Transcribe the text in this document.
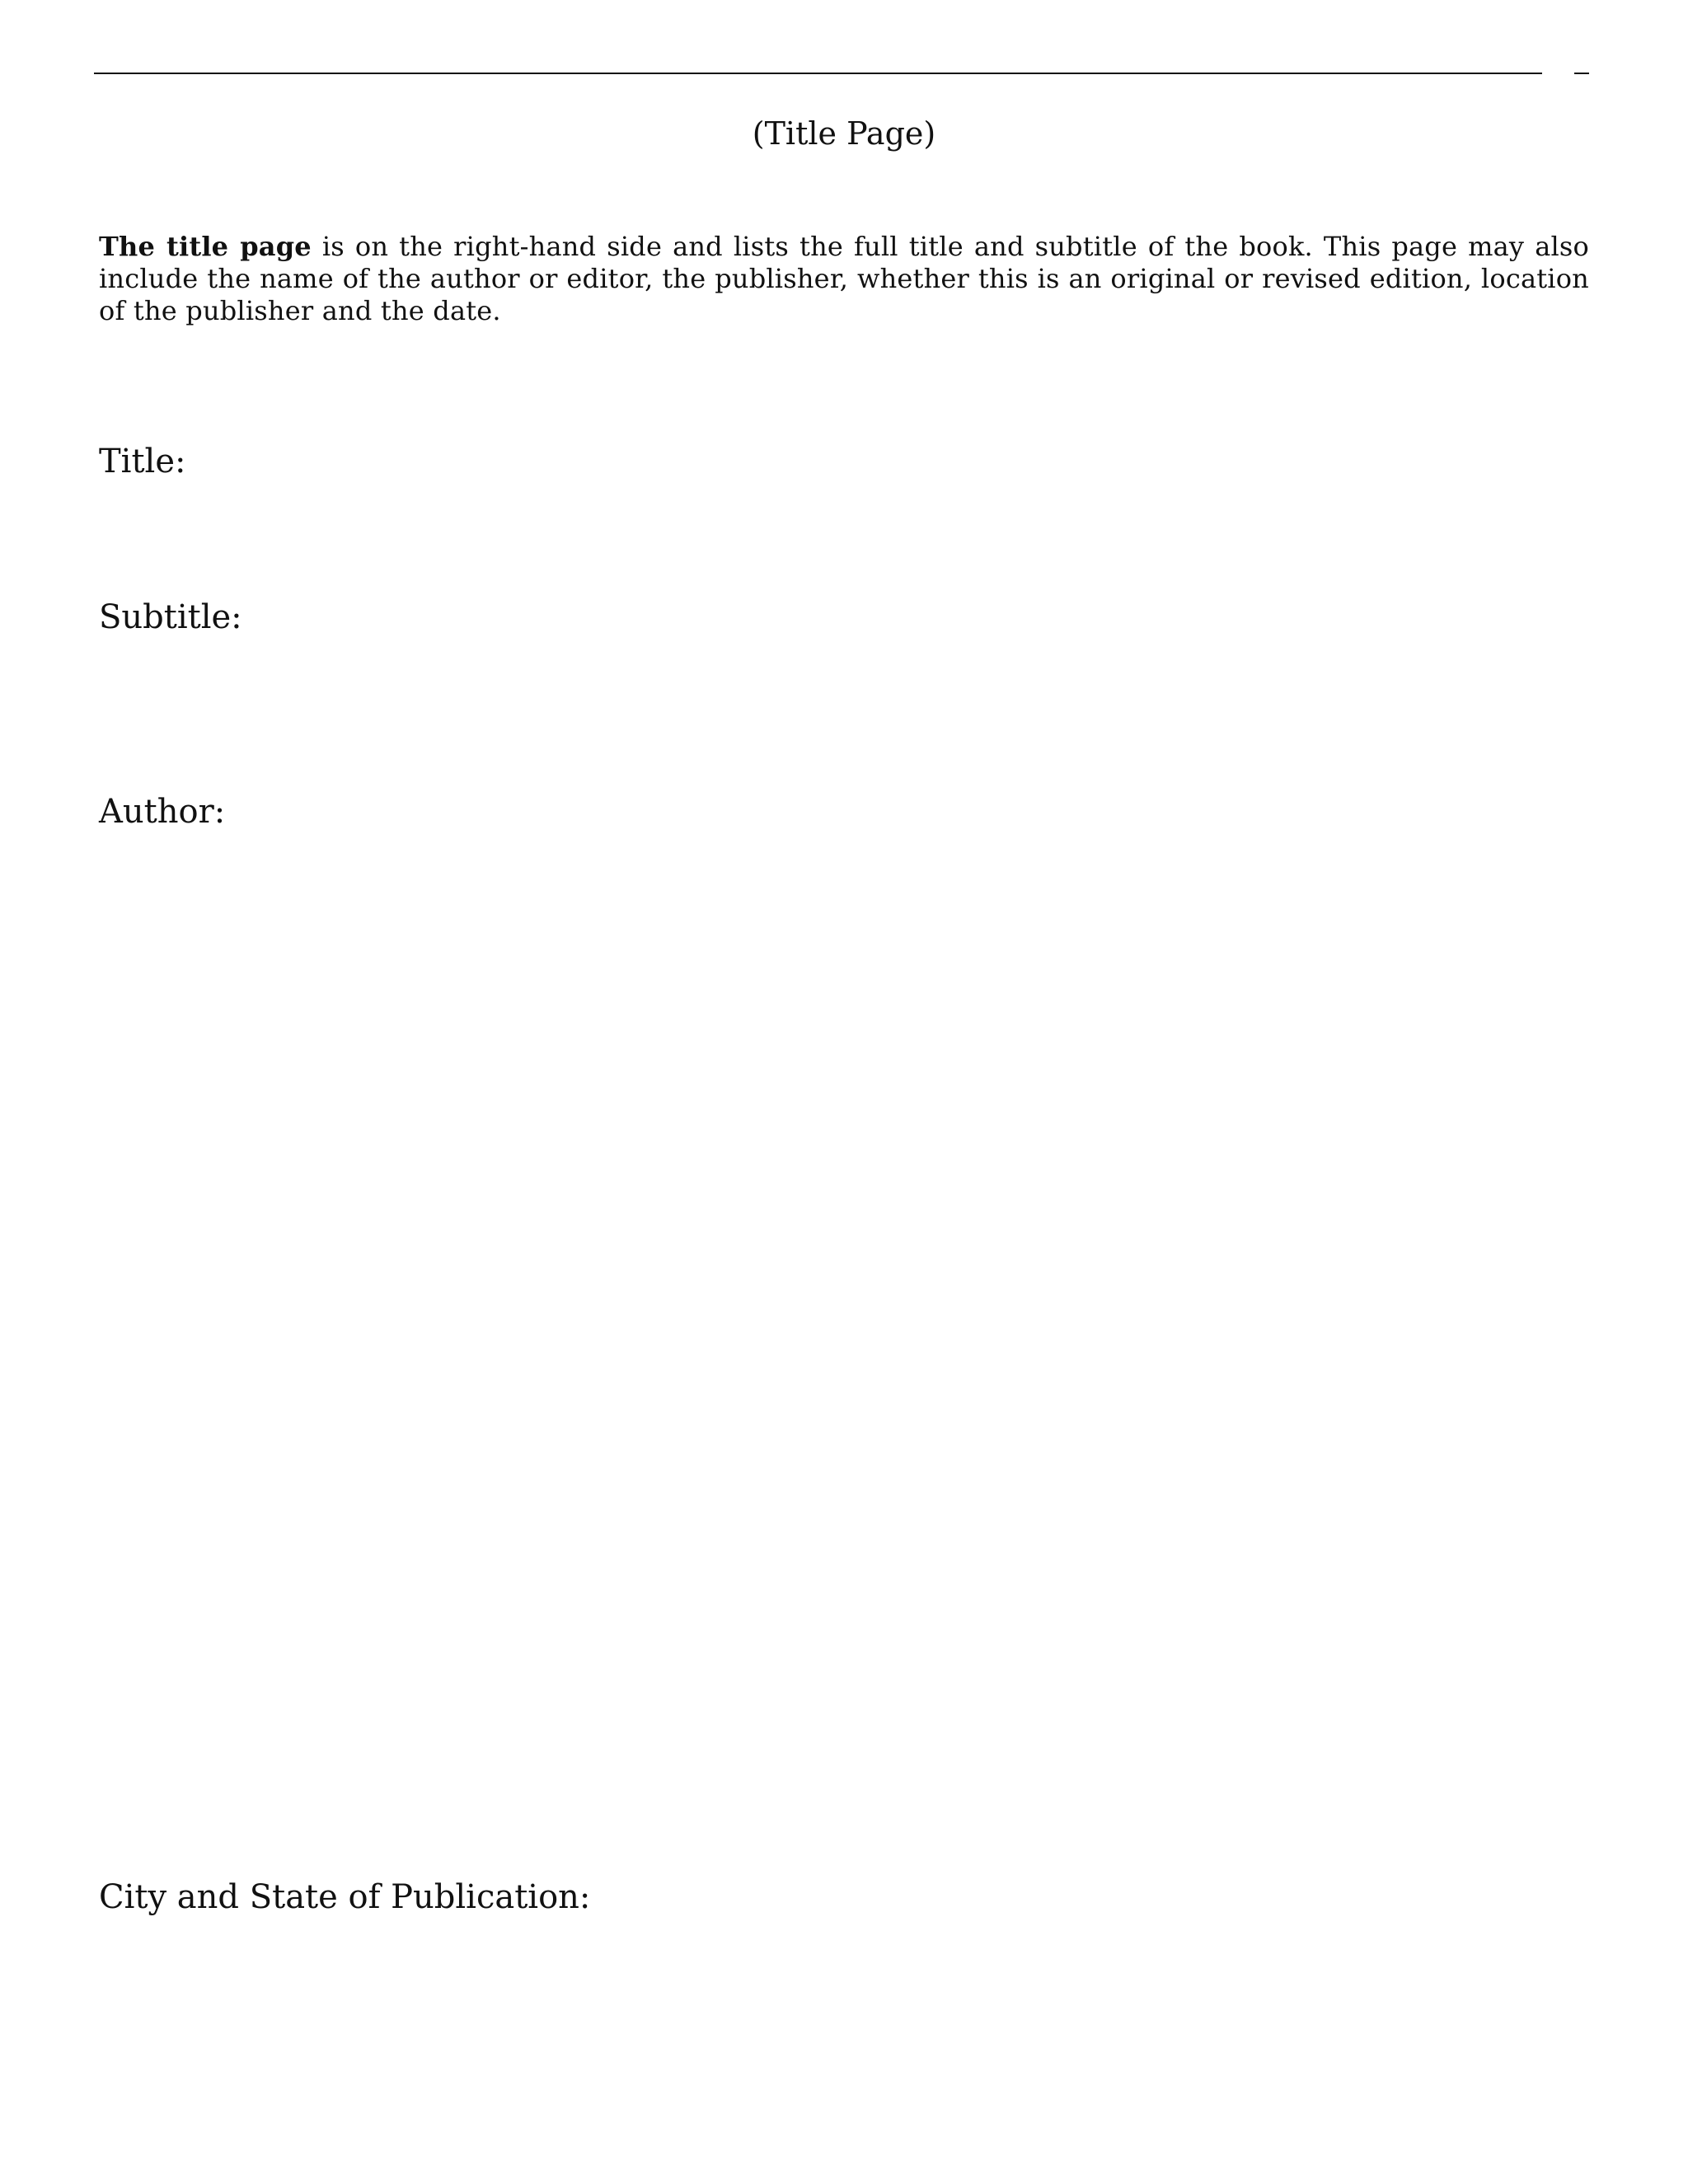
(Title Page)

The title page is on the right-hand side and lists the full title and subtitle of the book. This page may also include the name of the author or editor, the publisher, whether this is an original or revised edition, location of the publisher and the date.

Title:
Subtitle:
Author:
City and State of Publication:
